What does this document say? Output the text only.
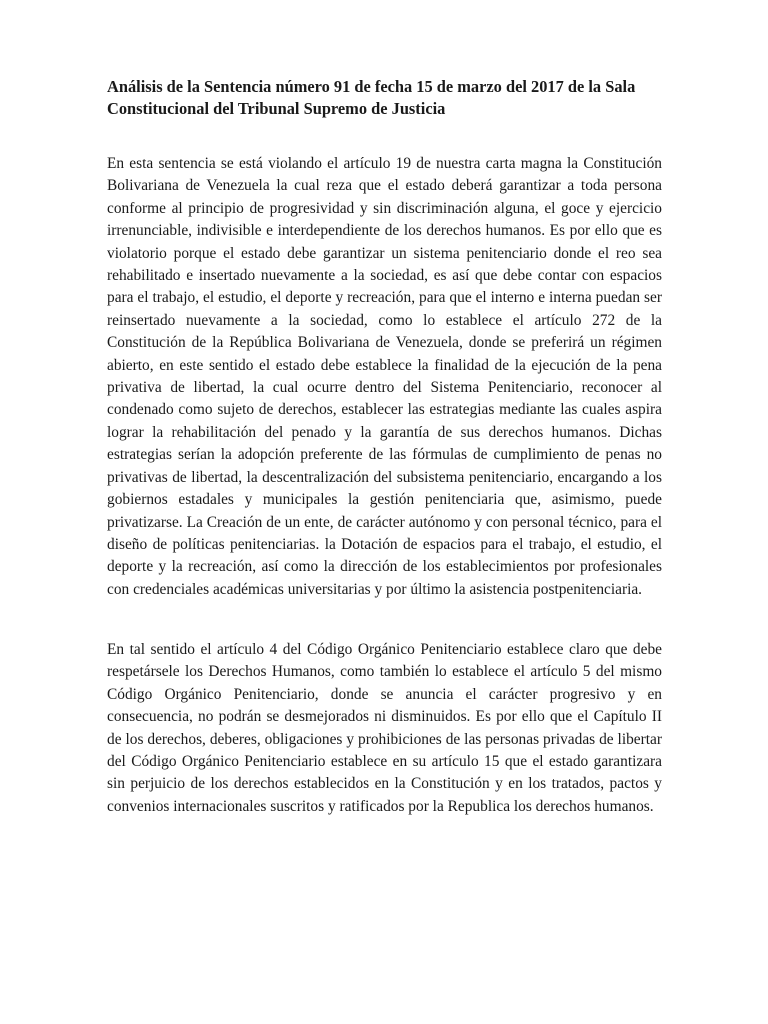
Análisis de la Sentencia número 91 de fecha 15 de marzo del 2017 de la Sala Constitucional del Tribunal Supremo de Justicia

En esta sentencia se está violando el artículo 19 de nuestra carta magna la Constitución Bolivariana de Venezuela la cual reza que el estado deberá garantizar a toda persona conforme al principio de progresividad y sin discriminación alguna, el goce y ejercicio irrenunciable, indivisible e interdependiente de los derechos humanos. Es por ello que es violatorio porque el estado debe garantizar un sistema penitenciario donde el reo sea rehabilitado e insertado nuevamente a la sociedad, es así que debe contar con espacios para el trabajo, el estudio, el deporte y recreación, para que el interno e interna puedan ser reinsertado nuevamente a la sociedad, como lo establece el artículo 272 de la Constitución de la República Bolivariana de Venezuela, donde se preferirá un régimen abierto, en este sentido el estado debe establece la finalidad de la ejecución de la pena privativa de libertad, la cual ocurre dentro del Sistema Penitenciario, reconocer al condenado como sujeto de derechos, establecer las estrategias mediante las cuales aspira lograr la rehabilitación del penado y la garantía de sus derechos humanos. Dichas estrategias serían la adopción preferente de las fórmulas de cumplimiento de penas no privativas de libertad, la descentralización del subsistema penitenciario, encargando a los gobiernos estadales y municipales la gestión penitenciaria que, asimismo, puede privatizarse. La Creación de un ente, de carácter autónomo y con personal técnico, para el diseño de políticas penitenciarias. la Dotación de espacios para el trabajo, el estudio, el deporte y la recreación, así como la dirección de los establecimientos por profesionales con credenciales académicas universitarias y por último la asistencia postpenitenciaria.

En tal sentido el artículo 4 del Código Orgánico Penitenciario establece claro que debe respetársele los Derechos Humanos, como también lo establece el artículo 5 del mismo Código Orgánico Penitenciario, donde se anuncia el carácter progresivo y en consecuencia, no podrán se desmejorados ni disminuidos. Es por ello que el Capítulo II de los derechos, deberes, obligaciones y prohibiciones de las personas privadas de libertar del Código Orgánico Penitenciario establece en su artículo 15 que el estado garantizara sin perjuicio de los derechos establecidos en la Constitución y en los tratados, pactos y convenios internacionales suscritos y ratificados por la Republica los derechos humanos.
